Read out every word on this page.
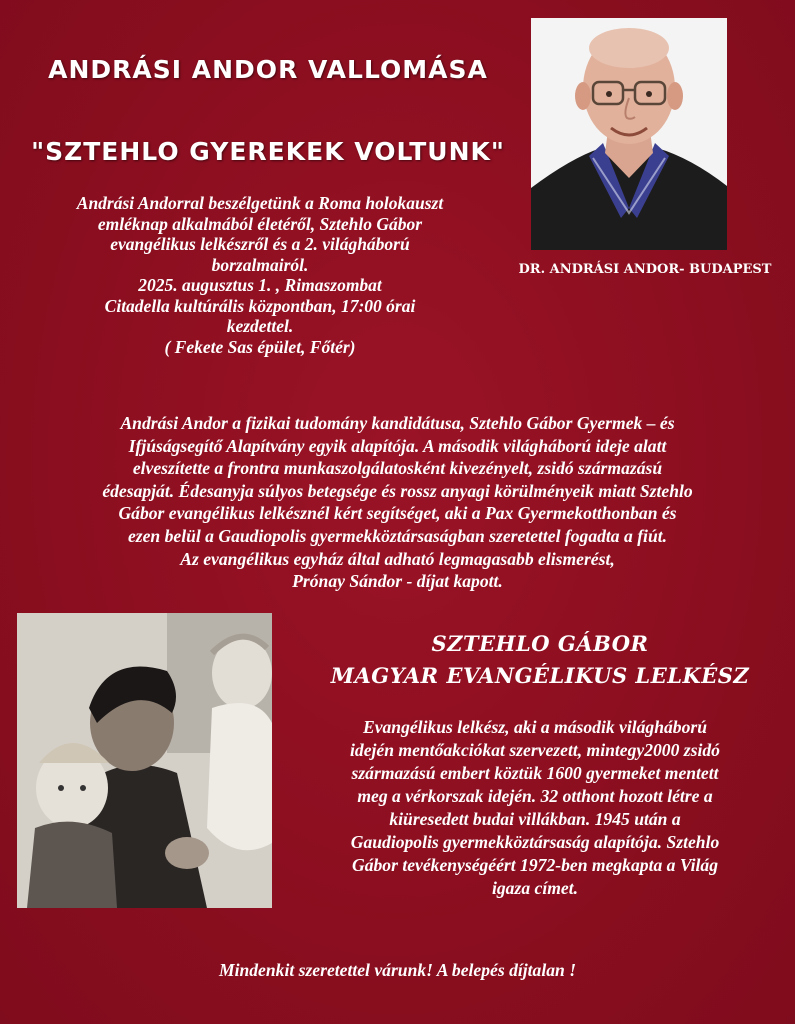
ANDRÁSI ANDOR VALLOMÁSA
"SZTEHLO GYEREKEK VOLTUNK"
DR. ANDRÁSI ANDOR- BUDAPEST
Andrási Andorral beszélgetünk a Roma holokauszt
emléknap alkalmából életéről, Sztehlo Gábor
evangélikus lelkészről és a 2. világháború
borzalmairól.
2025. augusztus 1. , Rimaszombat
Citadella kultúrális központban, 17:00 órai
kezdettel.
( Fekete Sas épület, Főtér)
Andrási Andor a fizikai tudomány kandidátusa, Sztehlo Gábor Gyermek – és
Ifjúságsegítő Alapítvány egyik alapítója. A második világháború ideje alatt
elveszítette a frontra munkaszolgálatosként kivezényelt, zsidó származású
édesapját. Édesanyja súlyos betegsége és rossz anyagi körülményeik miatt Sztehlo
Gábor evangélikus lelkésznél kért segítséget, aki a Pax Gyermekotthonban és
ezen belül a Gaudiopolis gyermekköztársaságban szeretettel fogadta a fiút.
Az evangélikus egyház által adható legmagasabb elismerést,
Prónay Sándor - díjat kapott.
SZTEHLO GÁBOR
MAGYAR EVANGÉLIKUS LELKÉSZ
Evangélikus lelkész, aki a második világháború
idején mentőakciókat szervezett, mintegy2000 zsidó
származású embert köztük 1600 gyermeket mentett
meg a vérkorszak idején. 32 otthont hozott létre a
kiüresedett budai villákban. 1945 után a
Gaudiopolis gyermekköztársaság alapítója. Sztehlo
Gábor tevékenységéért 1972-ben megkapta a Világ
igaza címet.
Mindenkit szeretettel várunk! A belepés díjtalan !
